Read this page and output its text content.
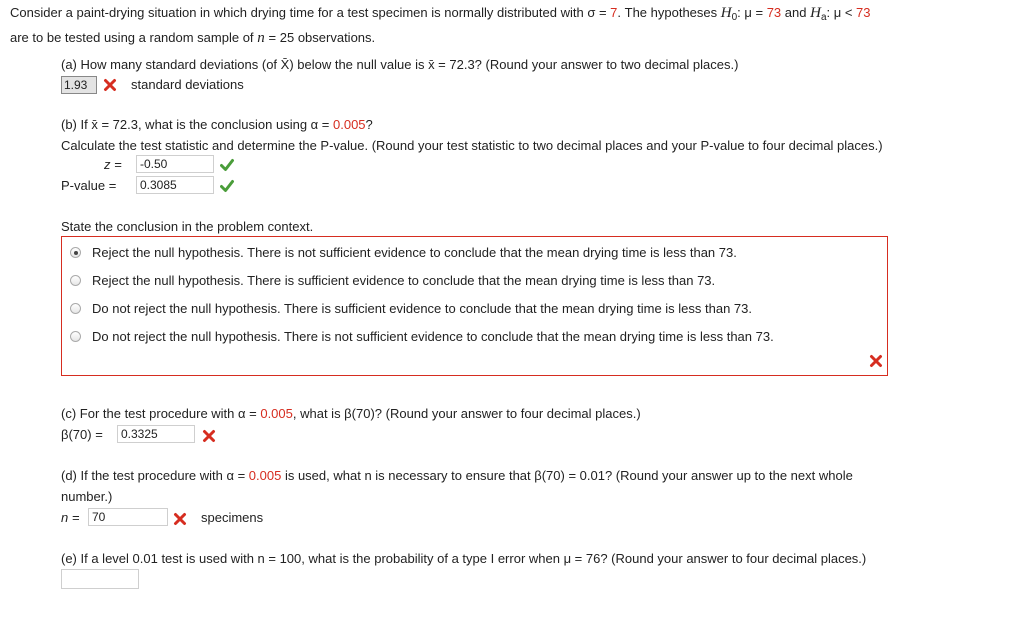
Consider a paint-drying situation in which drying time for a test specimen is normally distributed with σ = 7. The hypotheses $H_0$: μ = 73 and $H_a$: μ < 73
are to be tested using a random sample of n = 25 observations.
(a) How many standard deviations (of X̄) below the null value is x̄ = 72.3? (Round your answer to two decimal places.)
1.93	standard deviations
(b) If x̄ = 72.3, what is the conclusion using α = 0.005?
Calculate the test statistic and determine the P-value. (Round your test statistic to two decimal places and your P-value to four decimal places.)
z =	-0.50
P-value =	0.3085
State the conclusion in the problem context.
Reject the null hypothesis. There is not sufficient evidence to conclude that the mean drying time is less than 73.
Reject the null hypothesis. There is sufficient evidence to conclude that the mean drying time is less than 73.
Do not reject the null hypothesis. There is sufficient evidence to conclude that the mean drying time is less than 73.
Do not reject the null hypothesis. There is not sufficient evidence to conclude that the mean drying time is less than 73.
(c) For the test procedure with α = 0.005, what is β(70)? (Round your answer to four decimal places.)
β(70) =	0.3325
(d) If the test procedure with α = 0.005 is used, what n is necessary to ensure that β(70) = 0.01? (Round your answer up to the next whole
number.)
n =	70	specimens
(e) If a level 0.01 test is used with n = 100, what is the probability of a type I error when μ = 76? (Round your answer to four decimal places.)
